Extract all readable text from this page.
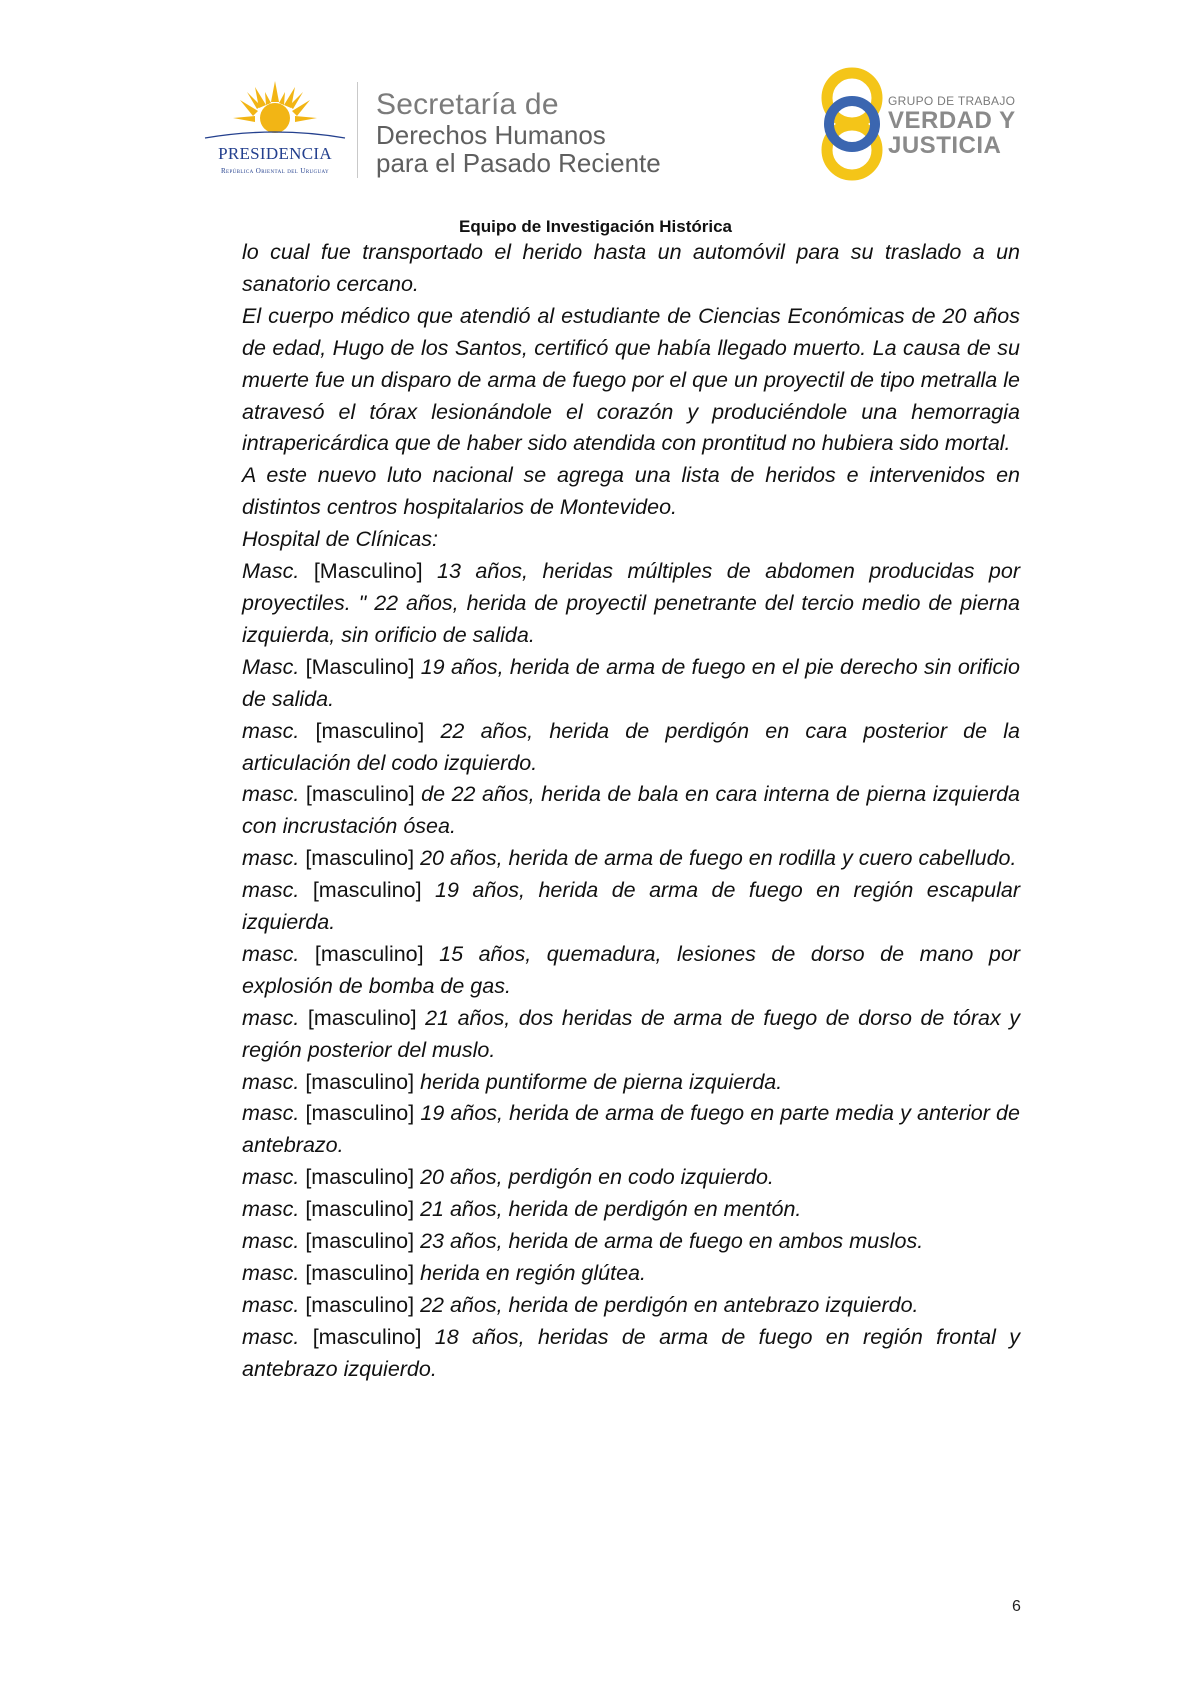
PRESIDENCIA
República Oriental del Uruguay
Secretaría de
Derechos Humanos
para el Pasado Reciente
GRUPO DE TRABAJO
VERDAD Y
JUSTICIA
Equipo de Investigación Histórica

lo cual fue transportado el herido hasta un automóvil para su traslado a un sanatorio cercano.

El cuerpo médico que atendió al estudiante de Ciencias Económicas de 20 años de edad, Hugo de los Santos, certificó que había llegado muerto. La causa de su muerte fue un disparo de arma de fuego por el que un proyectil de tipo metralla le atravesó el tórax lesionándole el corazón y produciéndole una hemorragia intrapericárdica que de haber sido atendida con prontitud no hubiera sido mortal.

A este nuevo luto nacional se agrega una lista de heridos e intervenidos en distintos centros hospitalarios de Montevideo.

Hospital de Clínicas:

Masc. [Masculino] 13 años, heridas múltiples de abdomen producidas por proyectiles. " 22 años, herida de proyectil penetrante del tercio medio de pierna izquierda, sin orificio de salida.

Masc. [Masculino] 19 años, herida de arma de fuego en el pie derecho sin orificio de salida.

masc. [masculino] 22 años, herida de perdigón en cara posterior de la articulación del codo izquierdo.

masc. [masculino] de 22 años, herida de bala en cara interna de pierna izquierda con incrustación ósea.

masc. [masculino] 20 años, herida de arma de fuego en rodilla y cuero cabelludo.

masc. [masculino] 19 años, herida de arma de fuego en región escapular izquierda.

masc. [masculino] 15 años, quemadura, lesiones de dorso de mano por explosión de bomba de gas.

masc. [masculino] 21 años, dos heridas de arma de fuego de dorso de tórax y región posterior del muslo.

masc. [masculino] herida puntiforme de pierna izquierda.

masc. [masculino] 19 años, herida de arma de fuego en parte media y anterior de antebrazo.

masc. [masculino] 20 años, perdigón en codo izquierdo.

masc. [masculino] 21 años, herida de perdigón en mentón.

masc. [masculino] 23 años, herida de arma de fuego en ambos muslos.

masc. [masculino] herida en región glútea.

masc. [masculino] 22 años, herida de perdigón en antebrazo izquierdo.

masc. [masculino] 18 años, heridas de arma de fuego en región frontal y antebrazo izquierdo.

6
